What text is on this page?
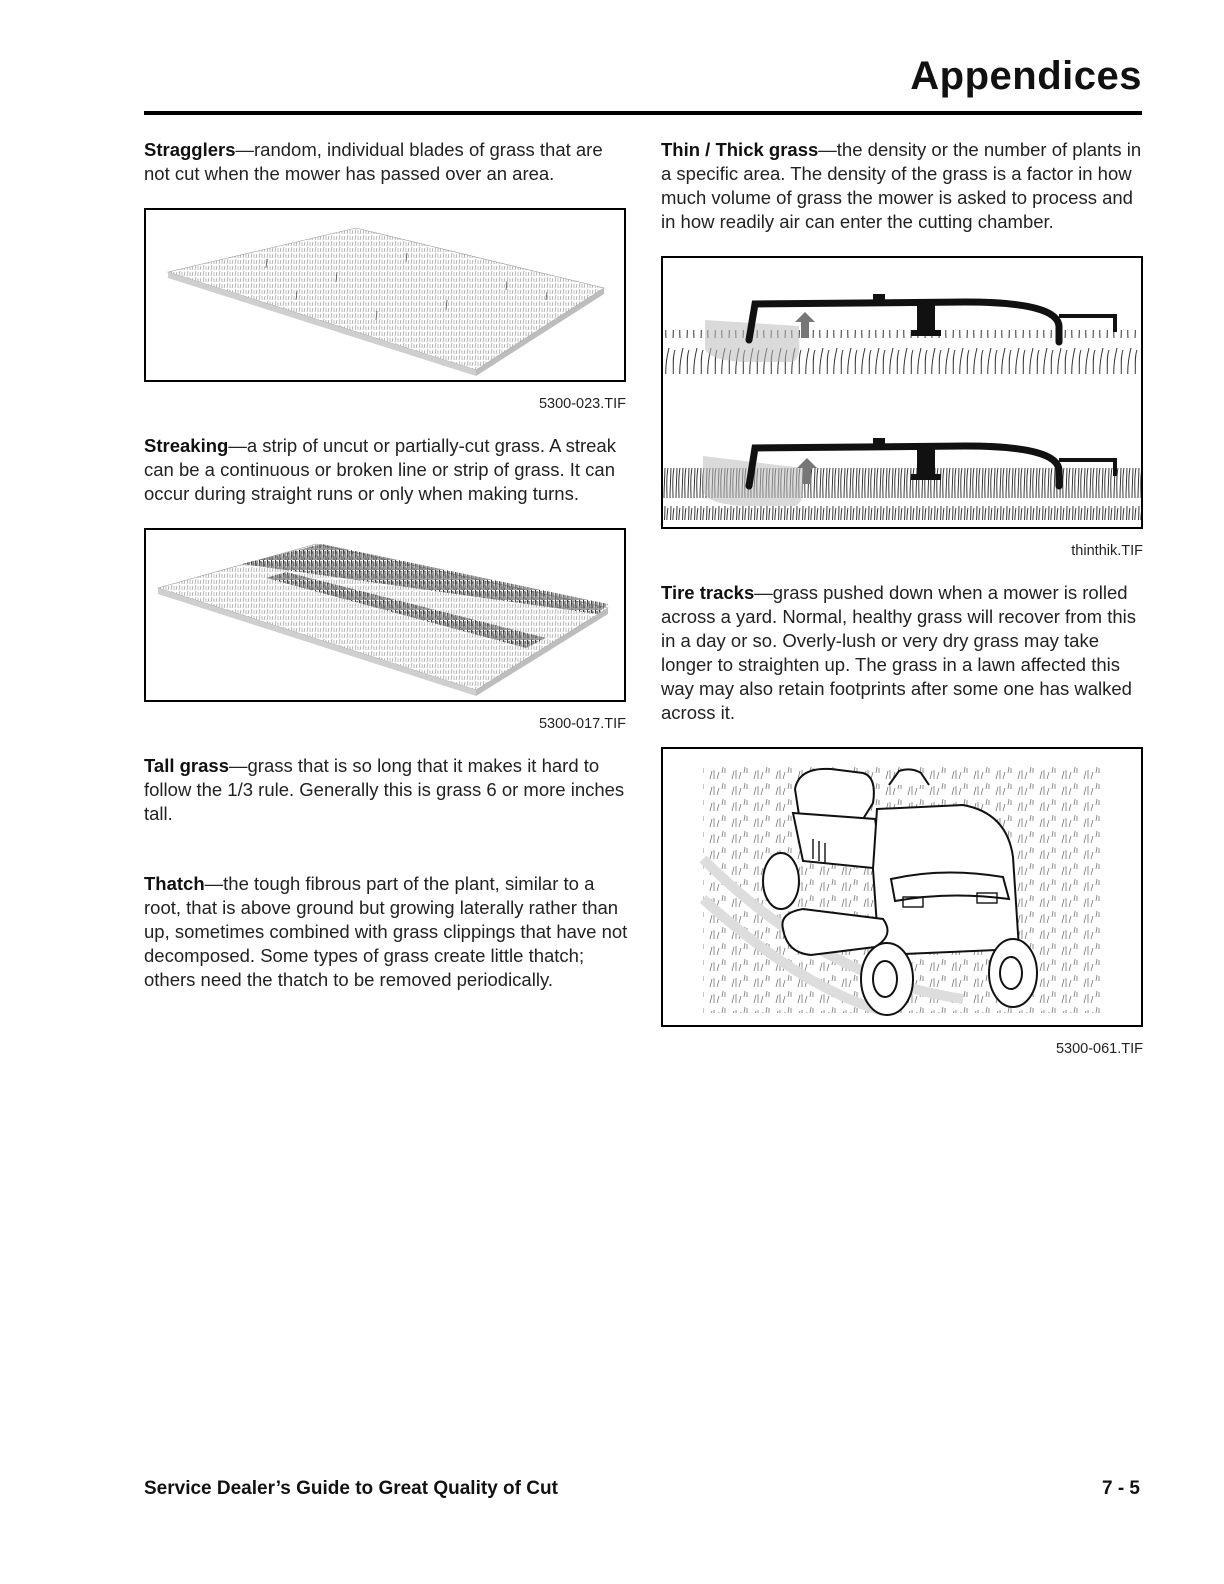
Appendices

Stragglers—random, individual blades of grass that are not cut when the mower has passed over an area.

5300-023.TIF

Streaking—a strip of uncut or partially-cut grass. A streak can be a continuous or broken line or strip of grass. It can occur during straight runs or only when making turns.

5300-017.TIF

Tall grass—grass that is so long that it makes it hard to follow the 1/3 rule. Generally this is grass 6 or more inches tall.

Thatch—the tough fibrous part of the plant, similar to a root, that is above ground but growing laterally rather than up, sometimes combined with grass clippings that have not decomposed. Some types of grass create little thatch; others need the thatch to be removed periodically.

Thin / Thick grass—the density or the number of plants in a specific area. The density of the grass is a factor in how much volume of grass the mower is asked to process and in how readily air can enter the cutting chamber.

thinthik.TIF

Tire tracks—grass pushed down when a mower is rolled across a yard. Normal, healthy grass will recover from this in a day or so. Overly-lush or very dry grass may take longer to straighten up. The grass in a lawn affected this way may also retain footprints after some one has walked across it.

5300-061.TIF
Service Dealer’s Guide to Great Quality of Cut	7 - 5
